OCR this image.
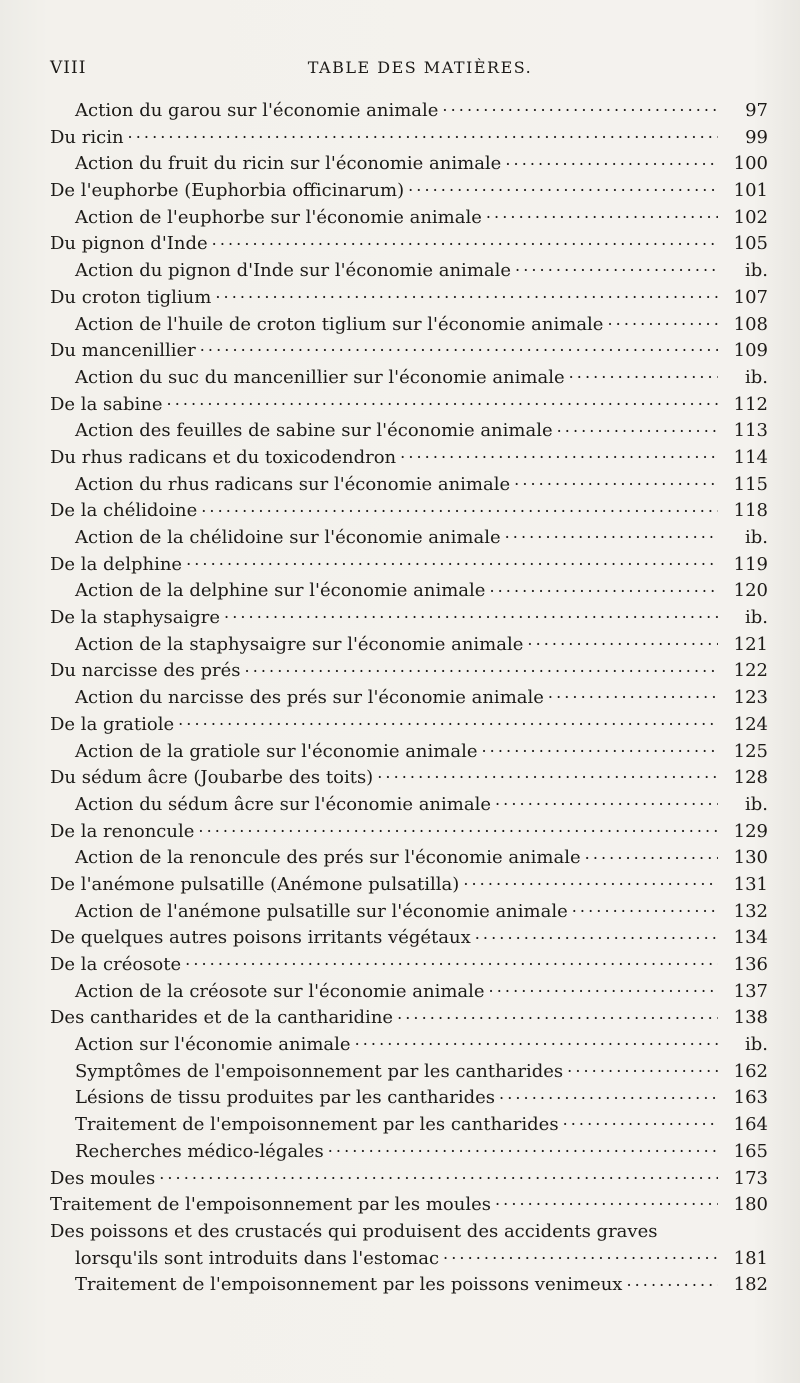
VIII	TABLE DES MATIÈRES.
Action du garou sur l'économie animale . . .	97
Du ricin . . .	99
Action du fruit du ricin sur l'économie animale . . .	100
De l'euphorbe (Euphorbia officinarum) . . .	101
Action de l'euphorbe sur l'économie animale . . .	102
Du pignon d'Inde . . .	105
Action du pignon d'Inde sur l'économie animale . . .	ib.
Du croton tiglium . . .	107
Action de l'huile de croton tiglium sur l'économie animale . . .	108
Du mancenillier . . .	109
Action du suc du mancenillier sur l'économie animale . . .	ib.
De la sabine . . .	112
Action des feuilles de sabine sur l'économie animale . . .	113
Du rhus radicans et du toxicodendron . . .	114
Action du rhus radicans sur l'économie animale . . .	115
De la chélidoine . . .	118
Action de la chélidoine sur l'économie animale . . .	ib.
De la delphine . . .	119
Action de la delphine sur l'économie animale . . .	120
De la staphysaigre . . .	ib.
Action de la staphysaigre sur l'économie animale . . .	121
Du narcisse des prés . . .	122
Action du narcisse des prés sur l'économie animale . . .	123
De la gratiole . . .	124
Action de la gratiole sur l'économie animale . . .	125
Du sédum âcre (Joubarbe des toits) . . .	128
Action du sédum âcre sur l'économie animale . . .	ib.
De la renoncule . . .	129
Action de la renoncule des prés sur l'économie animale . . .	130
De l'anémone pulsatille (Anémone pulsatilla) . . .	131
Action de l'anémone pulsatille sur l'économie animale . . .	132
De quelques autres poisons irritants végétaux . . .	134
De la créosote . . .	136
Action de la créosote sur l'économie animale . . .	137
Des cantharides et de la cantharidine . . .	138
Action sur l'économie animale . . .	ib.
Symptômes de l'empoisonnement par les cantharides . . .	162
Lésions de tissu produites par les cantharides . . .	163
Traitement de l'empoisonnement par les cantharides . . .	164
Recherches médico-légales . . .	165
Des moules . . .	173
Traitement de l'empoisonnement par les moules . . .	180
Des poissons et des crustacés qui produisent des accidents graves
lorsqu'ils sont introduits dans l'estomac . . .	181
Traitement de l'empoisonnement par les poissons venimeux . . .	182
